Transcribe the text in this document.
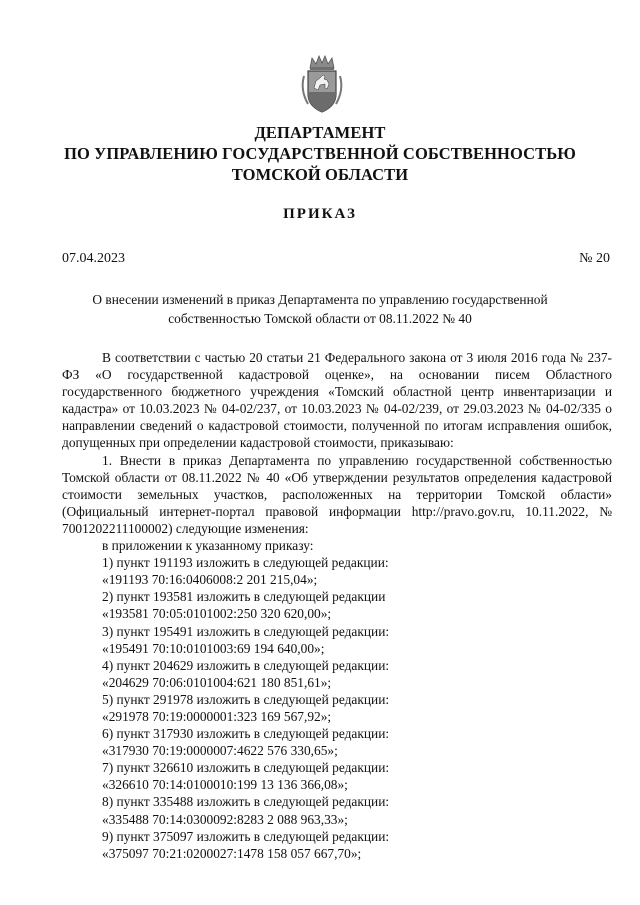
ДЕПАРТАМЕНТ
ПО УПРАВЛЕНИЮ ГОСУДАРСТВЕННОЙ СОБСТВЕННОСТЬЮ
ТОМСКОЙ ОБЛАСТИ
ПРИКАЗ
07.04.2023	№ 20
О внесении изменений в приказ Департамента по управлению государственной собственностью Томской области от 08.11.2022 № 40

В соответствии с частью 20 статьи 21 Федерального закона от 3 июля 2016 года № 237-ФЗ «О государственной кадастровой оценке», на основании писем Областного государственного бюджетного учреждения «Томский областной центр инвентаризации и кадастра» от 10.03.2023 № 04-02/237, от 10.03.2023 № 04-02/239, от 29.03.2023 № 04-02/335 о направлении сведений о кадастровой стоимости, полученной по итогам исправления ошибок, допущенных при определении кадастровой стоимости, приказываю:

1. Внести в приказ Департамента по управлению государственной собственностью Томской области от 08.11.2022 № 40 «Об утверждении результатов определения кадастровой стоимости земельных участков, расположенных на территории Томской области» (Официальный интернет-портал правовой информации http://pravo.gov.ru, 10.11.2022, № 7001202211100002) следующие изменения:

в приложении к указанному приказу:

1) пункт 191193 изложить в следующей редакции:

«191193 70:16:0406008:2 201 215,04»;

2) пункт 193581 изложить в следующей редакции

«193581 70:05:0101002:250 320 620,00»;

3) пункт 195491 изложить в следующей редакции:

«195491 70:10:0101003:69 194 640,00»;

4) пункт 204629 изложить в следующей редакции:

«204629 70:06:0101004:621 180 851,61»;

5) пункт 291978 изложить в следующей редакции:

«291978 70:19:0000001:323 169 567,92»;

6) пункт 317930 изложить в следующей редакции:

«317930 70:19:0000007:4622 576 330,65»;

7) пункт 326610 изложить в следующей редакции:

«326610 70:14:0100010:199 13 136 366,08»;

8) пункт 335488 изложить в следующей редакции:

«335488 70:14:0300092:8283 2 088 963,33»;

9) пункт 375097 изложить в следующей редакции:

«375097 70:21:0200027:1478 158 057 667,70»;
